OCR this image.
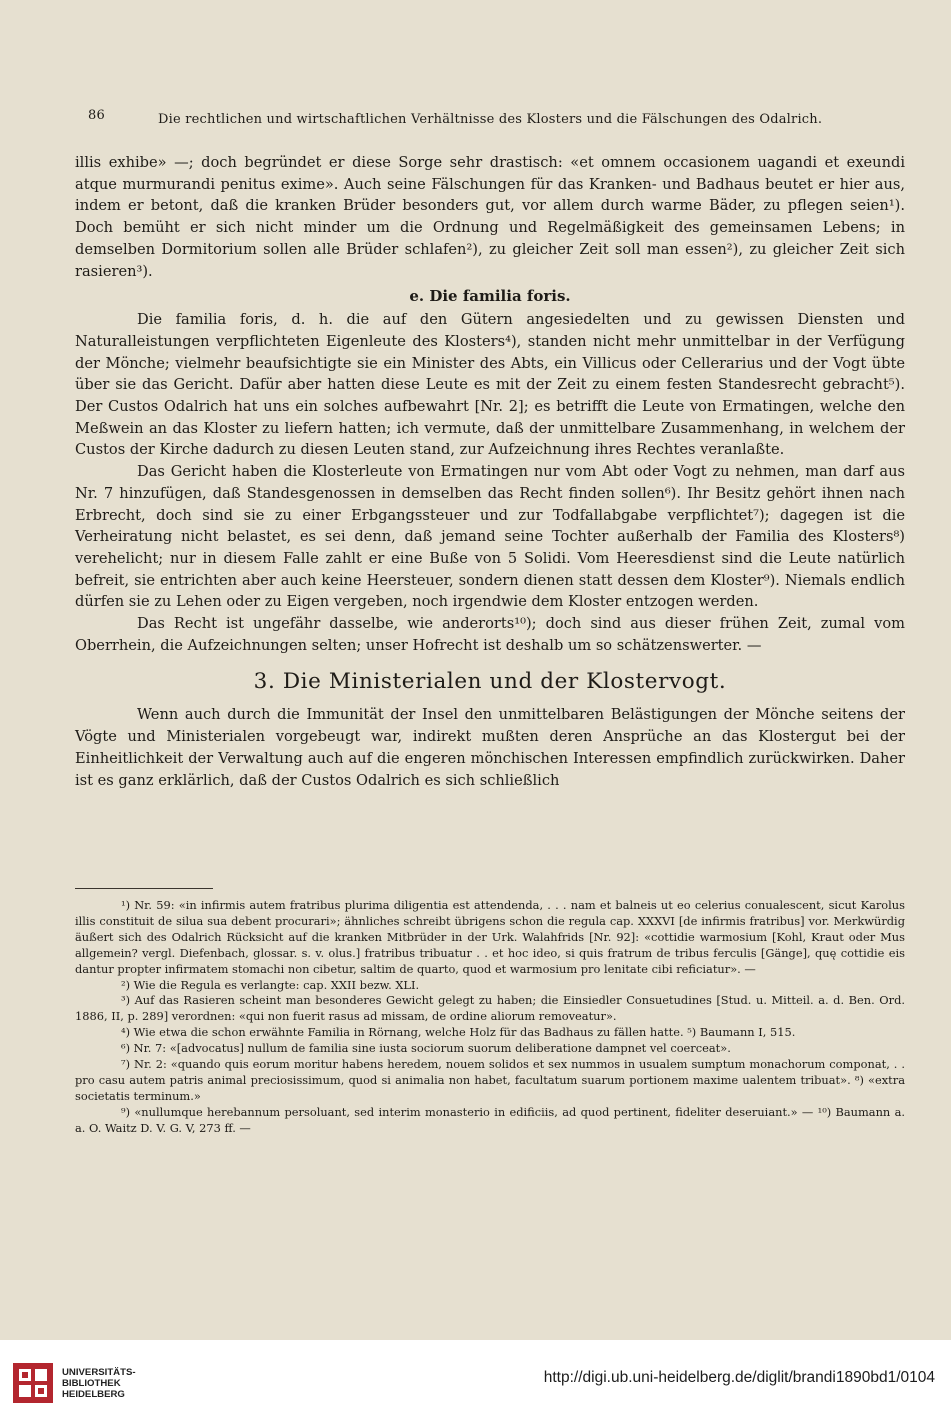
86	Die rechtlichen und wirtschaftlichen Verhältnisse des Klosters und die Fälschungen des Odalrich.

illis exhibe» —; doch begründet er diese Sorge sehr drastisch: «et omnem occasionem uagandi et exeundi atque murmurandi penitus exime». Auch seine Fälschungen für das Kranken- und Badhaus beutet er hier aus, indem er betont, daß die kranken Brüder besonders gut, vor allem durch warme Bäder, zu pflegen seien¹). Doch bemüht er sich nicht minder um die Ordnung und Regelmäßigkeit des gemeinsamen Lebens; in demselben Dormitorium sollen alle Brüder schlafen²), zu gleicher Zeit soll man essen²), zu gleicher Zeit sich rasieren³).

e. Die familia foris.

Die familia foris, d. h. die auf den Gütern angesiedelten und zu gewissen Diensten und Naturalleistungen verpflichteten Eigenleute des Klosters⁴), standen nicht mehr unmittelbar in der Verfügung der Mönche; vielmehr beaufsichtigte sie ein Minister des Abts, ein Villicus oder Cellerarius und der Vogt übte über sie das Gericht. Dafür aber hatten diese Leute es mit der Zeit zu einem festen Standesrecht gebracht⁵). Der Custos Odalrich hat uns ein solches aufbewahrt [Nr. 2]; es betrifft die Leute von Ermatingen, welche den Meßwein an das Kloster zu liefern hatten; ich vermute, daß der unmittelbare Zusammenhang, in welchem der Custos der Kirche dadurch zu diesen Leuten stand, zur Aufzeichnung ihres Rechtes veranlaßte.

Das Gericht haben die Klosterleute von Ermatingen nur vom Abt oder Vogt zu nehmen, man darf aus Nr. 7 hinzufügen, daß Standesgenossen in demselben das Recht finden sollen⁶). Ihr Besitz gehört ihnen nach Erbrecht, doch sind sie zu einer Erbgangssteuer und zur Todfallabgabe verpflichtet⁷); dagegen ist die Verheiratung nicht belastet, es sei denn, daß jemand seine Tochter außerhalb der Familia des Klosters⁸) verehelicht; nur in diesem Falle zahlt er eine Buße von 5 Solidi. Vom Heeresdienst sind die Leute natürlich befreit, sie entrichten aber auch keine Heersteuer, sondern dienen statt dessen dem Kloster⁹). Niemals endlich dürfen sie zu Lehen oder zu Eigen vergeben, noch irgendwie dem Kloster entzogen werden.

Das Recht ist ungefähr dasselbe, wie anderorts¹⁰); doch sind aus dieser frühen Zeit, zumal vom Oberrhein, die Aufzeichnungen selten; unser Hofrecht ist deshalb um so schätzenswerter. —

3. Die Ministerialen und der Klostervogt.

Wenn auch durch die Immunität der Insel den unmittelbaren Belästigungen der Mönche seitens der Vögte und Ministerialen vorgebeugt war, indirekt mußten deren Ansprüche an das Klostergut bei der Einheitlichkeit der Verwaltung auch auf die engeren mönchischen Interessen empfindlich zurückwirken. Daher ist es ganz erklärlich, daß der Custos Odalrich es sich schließlich

¹) Nr. 59: «in infirmis autem fratribus plurima diligentia est attendenda, . . . nam et balneis ut eo celerius conualescent, sicut Karolus illis constituit de silua sua debent procurari»; ähnliches schreibt übrigens schon die regula cap. XXXVI [de infirmis fratribus] vor. Merkwürdig äußert sich des Odalrich Rücksicht auf die kranken Mitbrüder in der Urk. Walahfrids [Nr. 92]: «cottidie warmosium [Kohl, Kraut oder Mus allgemein? vergl. Diefenbach, glossar. s. v. olus.] fratribus tribuatur . . et hoc ideo, si quis fratrum de tribus ferculis [Gänge], quę cottidie eis dantur propter infirmatem stomachi non cibetur, saltim de quarto, quod et warmosium pro lenitate cibi reficiatur». —

²) Wie die Regula es verlangte: cap. XXII bezw. XLI.

³) Auf das Rasieren scheint man besonderes Gewicht gelegt zu haben; die Einsiedler Consuetudines [Stud. u. Mitteil. a. d. Ben. Ord. 1886, II, p. 289] verordnen: «qui non fuerit rasus ad missam, de ordine aliorum removeatur».

⁴) Wie etwa die schon erwähnte Familia in Rörnang, welche Holz für das Badhaus zu fällen hatte. ⁵) Baumann I, 515.

⁶) Nr. 7: «[advocatus] nullum de familia sine iusta sociorum suorum deliberatione dampnet vel coerceat».

⁷) Nr. 2: «quando quis eorum moritur habens heredem, nouem solidos et sex nummos in usualem sumptum monachorum componat, . . pro casu autem patris animal preciosissimum, quod si animalia non habet, facultatum suarum portionem maxime ualentem tribuat». ⁸) «extra societatis terminum.»

⁹) «nullumque herebannum persoluant, sed interim monasterio in edificiis, ad quod pertinent, fideliter deseruiant.» — ¹⁰) Baumann a. a. O. Waitz D. V. G. V, 273 ff. —

UNIVERSITÄTS-
BIBLIOTHEK
HEIDELBERG
http://digi.ub.uni-heidelberg.de/diglit/brandi1890bd1/0104
